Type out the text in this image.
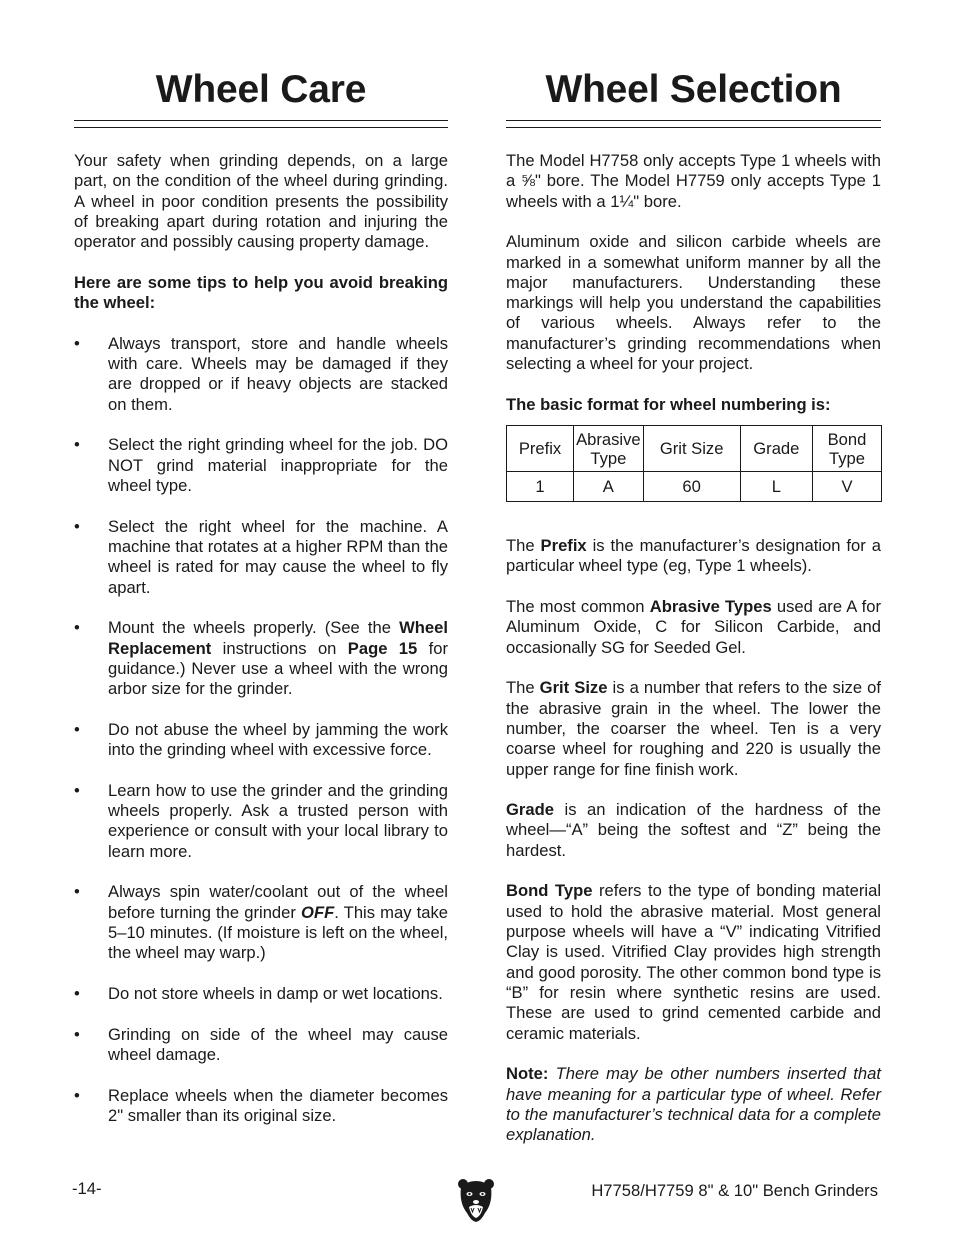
Wheel Care

Your safety when grinding depends, on a large part, on the condition of the wheel during grinding. A wheel in poor condition presents the possibility of breaking apart during rotation and injuring the operator and possibly causing property damage.

Here are some tips to help you avoid breaking the wheel:

• Always transport, store and handle wheels with care. Wheels may be damaged if they are dropped or if heavy objects are stacked on them.
• Select the right grinding wheel for the job. DO NOT grind material inappropriate for the wheel type.
• Select the right wheel for the machine. A machine that rotates at a higher RPM than the wheel is rated for may cause the wheel to fly apart.
• Mount the wheels properly. (See the Wheel Replacement instructions on Page 15 for guidance.) Never use a wheel with the wrong arbor size for the grinder.
• Do not abuse the wheel by jamming the work into the grinding wheel with excessive force.
• Learn how to use the grinder and the grinding wheels properly. Ask a trusted person with experience or consult with your local library to learn more.
• Always spin water/coolant out of the wheel before turning the grinder OFF. This may take 5–10 minutes. (If moisture is left on the wheel, the wheel may warp.)
• Do not store wheels in damp or wet locations.
• Grinding on side of the wheel may cause wheel damage.
• Replace wheels when the diameter becomes 2" smaller than its original size.
Wheel Selection

The Model H7758 only accepts Type 1 wheels with a ⅝" bore. The Model H7759 only accepts Type 1 wheels with a 1¼" bore.

Aluminum oxide and silicon carbide wheels are marked in a somewhat uniform manner by all the major manufacturers. Understanding these markings will help you understand the capabilities of various wheels. Always refer to the manufacturer’s grinding recommendations when selecting a wheel for your project.

The basic format for wheel numbering is:

Prefix	Abrasive Type	Grit Size	Grade	Bond Type
1	A	60	L	V

The Prefix is the manufacturer’s designation for a particular wheel type (eg, Type 1 wheels).

The most common Abrasive Types used are A for Aluminum Oxide, C for Silicon Carbide, and occasionally SG for Seeded Gel.

The Grit Size is a number that refers to the size of the abrasive grain in the wheel. The lower the number, the coarser the wheel. Ten is a very coarse wheel for roughing and 220 is usually the upper range for fine finish work.

Grade is an indication of the hardness of the wheel—“A” being the softest and “Z” being the hardest.

Bond Type refers to the type of bonding material used to hold the abrasive material. Most general purpose wheels will have a “V” indicating Vitrified Clay is used. Vitrified Clay provides high strength and good porosity. The other common bond type is “B” for resin where synthetic resins are used. These are used to grind cemented carbide and ceramic materials.

Note: There may be other numbers inserted that have meaning for a particular type of wheel. Refer to the manufacturer’s technical data for a complete explanation.

-14-	H7758/H7759 8" & 10" Bench Grinders
